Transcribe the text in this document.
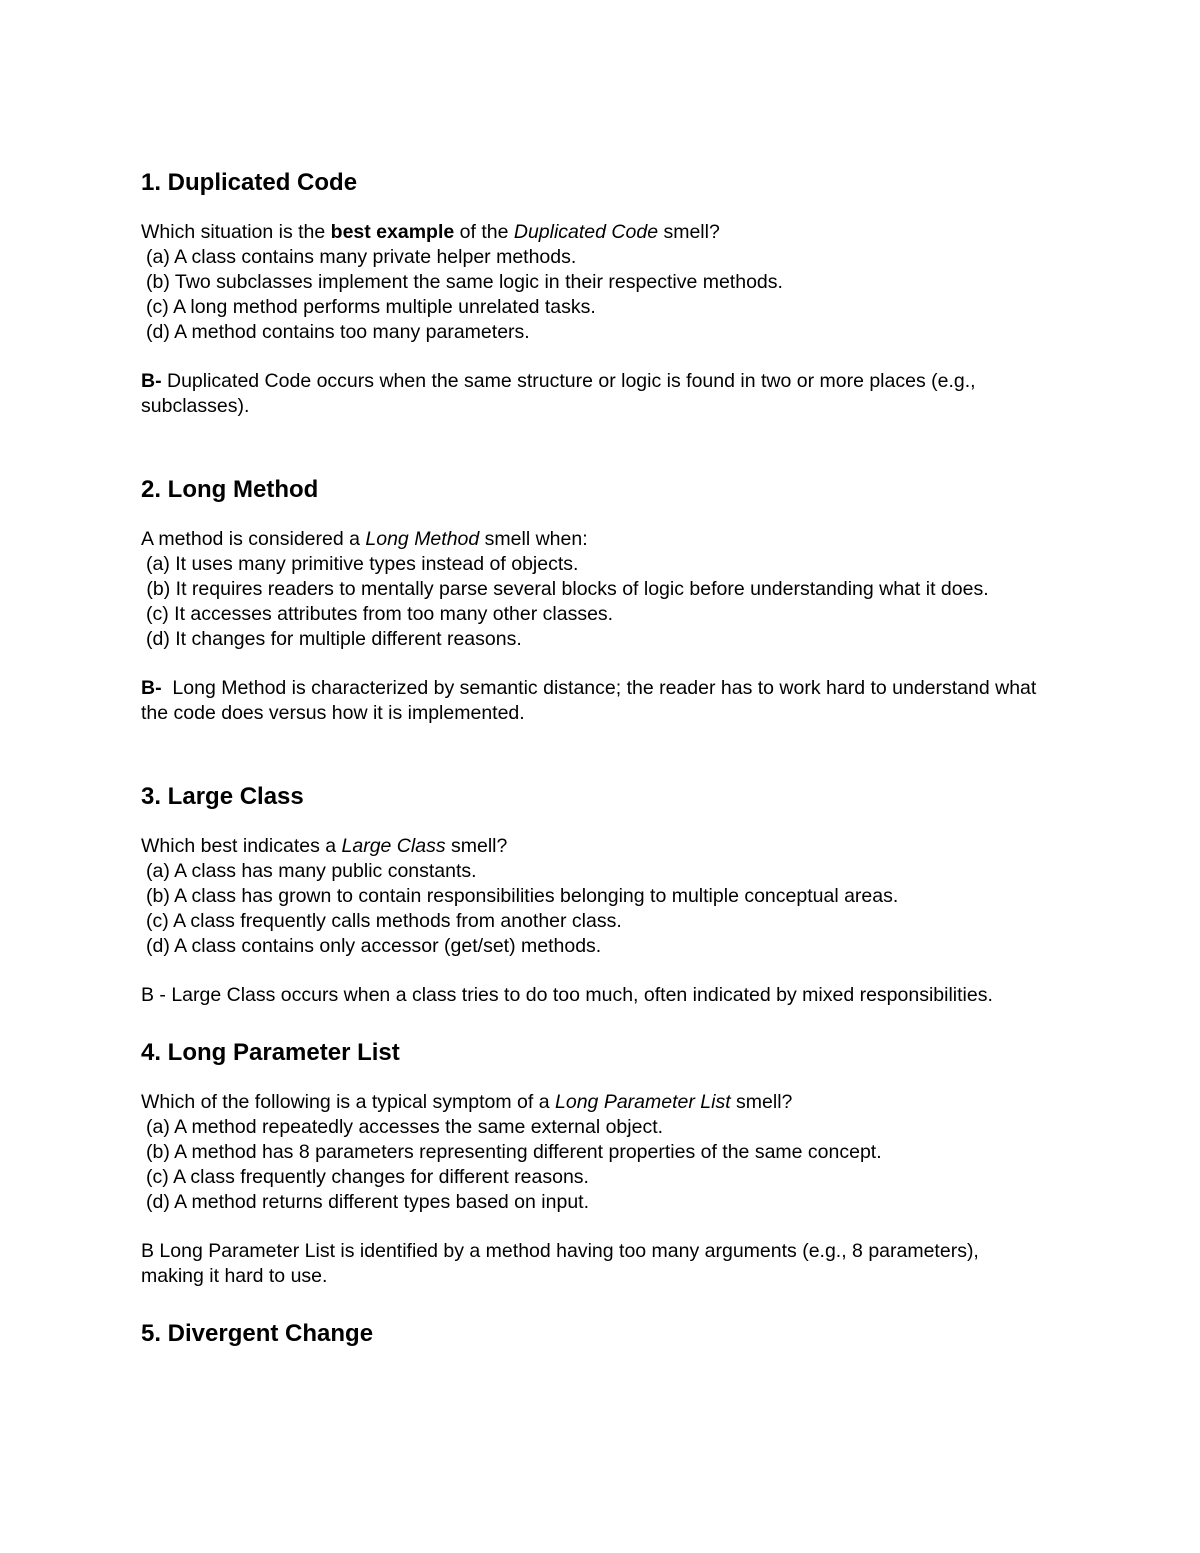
1. Duplicated Code

Which situation is the best example of the Duplicated Code smell?

(a) A class contains many private helper methods.

(b) Two subclasses implement the same logic in their respective methods.

(c) A long method performs multiple unrelated tasks.

(d) A method contains too many parameters.

B- Duplicated Code occurs when the same structure or logic is found in two or more places (e.g., subclasses).

2. Long Method

A method is considered a Long Method smell when:

(a) It uses many primitive types instead of objects.

(b) It requires readers to mentally parse several blocks of logic before understanding what it does.

(c) It accesses attributes from too many other classes.

(d) It changes for multiple different reasons.

B-  Long Method is characterized by semantic distance; the reader has to work hard to understand what the code does versus how it is implemented.

3. Large Class

Which best indicates a Large Class smell?

(a) A class has many public constants.

(b) A class has grown to contain responsibilities belonging to multiple conceptual areas.

(c) A class frequently calls methods from another class.

(d) A class contains only accessor (get/set) methods.

B - Large Class occurs when a class tries to do too much, often indicated by mixed responsibilities.

4. Long Parameter List

Which of the following is a typical symptom of a Long Parameter List smell?

(a) A method repeatedly accesses the same external object.

(b) A method has 8 parameters representing different properties of the same concept.

(c) A class frequently changes for different reasons.

(d) A method returns different types based on input.

B Long Parameter List is identified by a method having too many arguments (e.g., 8 parameters), making it hard to use.

5. Divergent Change
